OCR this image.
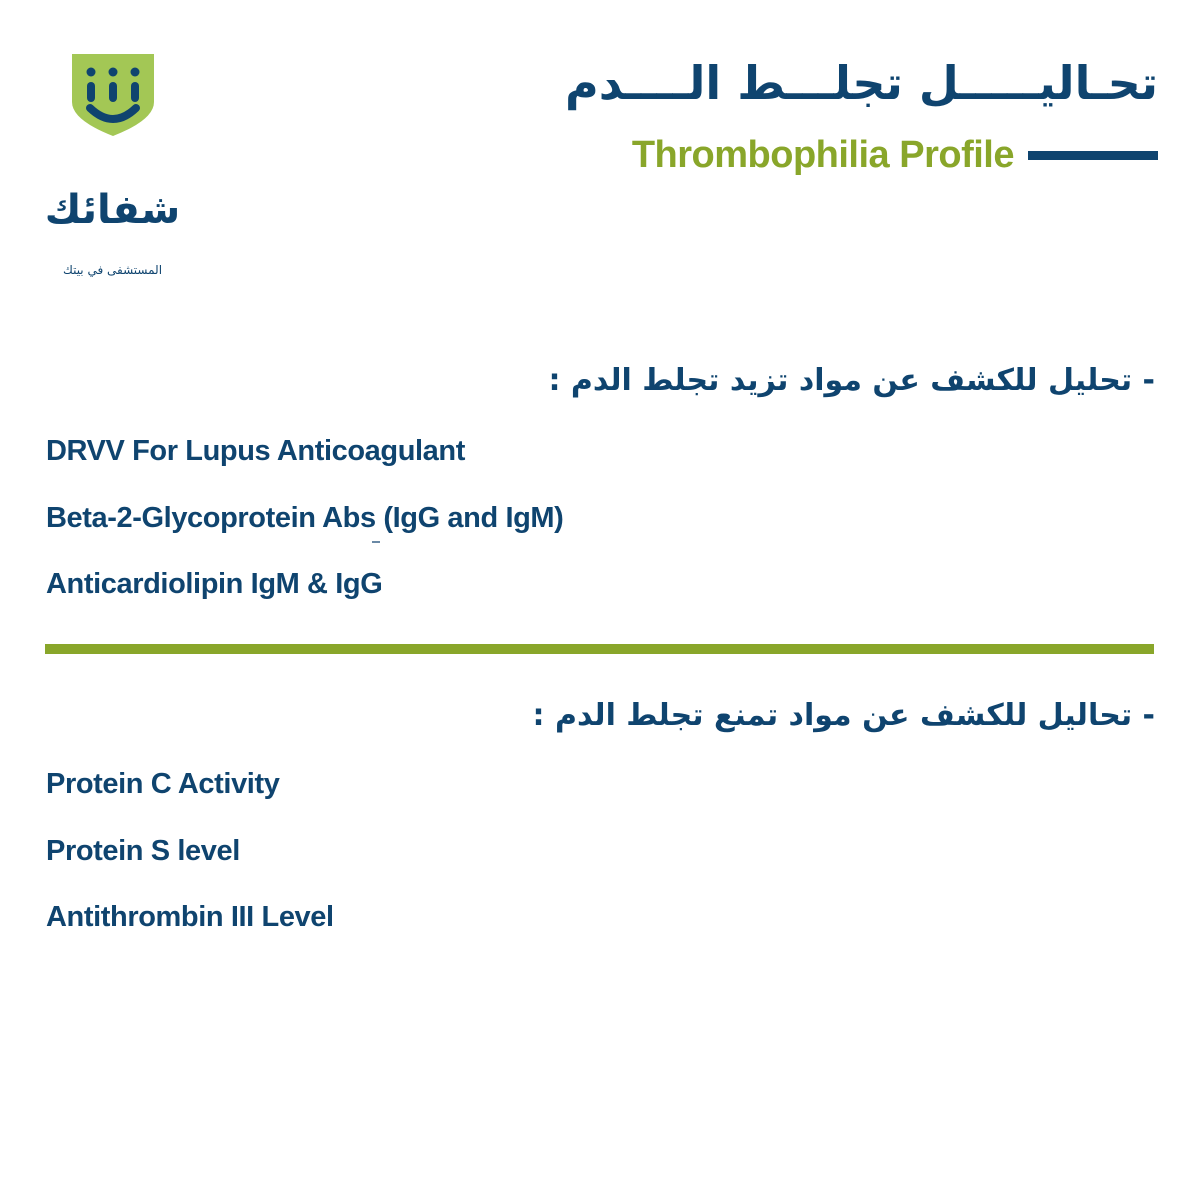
شفائك
المستشفى في بيتك
تحـاليـــــل تجلـــط الــــدم
Thrombophilia Profile
- تحليل للكشف عن مواد تزيد تجلط الدم :
DRVV For Lupus Anticoagulant
Beta-2-Glycoprotein Abs (IgG and IgM)
Anticardiolipin IgM & IgG
- تحاليل للكشف عن مواد تمنع تجلط الدم :
Protein C Activity
Protein S level
Antithrombin III Level
